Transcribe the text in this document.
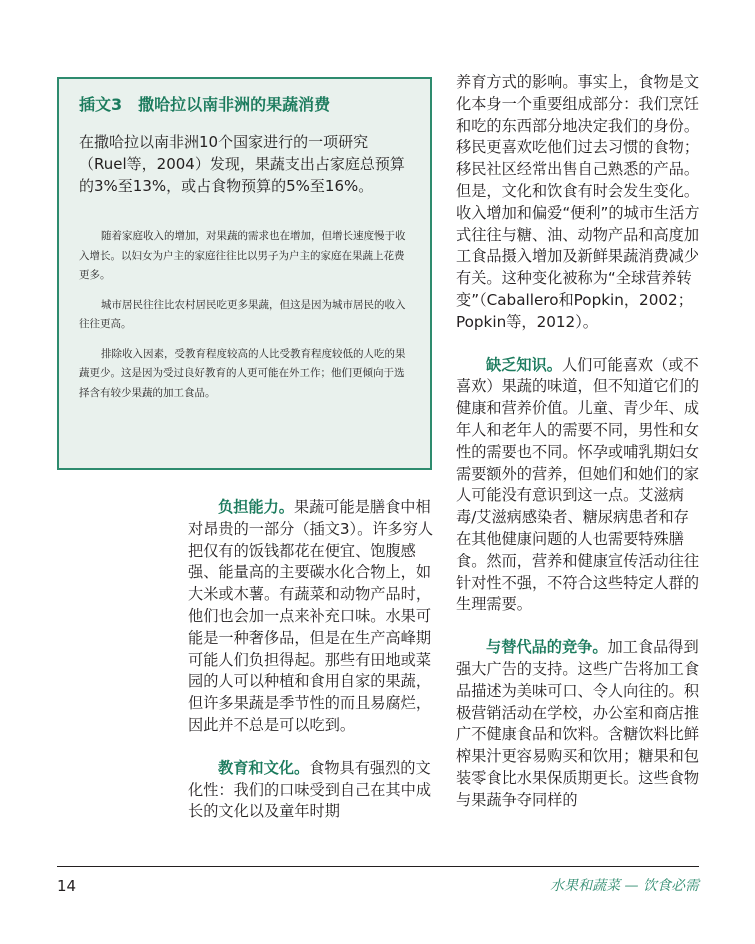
插文3　撒哈拉以南非洲的果蔬消费

在撒哈拉以南非洲10个国家进行的一项研究（Ruel等，2004）发现，果蔬支出占家庭总预算的3%至13%，或占食物预算的5%至16%。

随着家庭收入的增加，对果蔬的需求也在增加，但增长速度慢于收入增长。以妇女为户主的家庭往往比以男子为户主的家庭在果蔬上花费更多。

城市居民往往比农村居民吃更多果蔬，但这是因为城市居民的收入往往更高。

排除收入因素，受教育程度较高的人比受教育程度较低的人吃的果蔬更少。这是因为受过良好教育的人更可能在外工作；他们更倾向于选择含有较少果蔬的加工食品。

负担能力。果蔬可能是膳食中相对昂贵的一部分（插文3）。许多穷人把仅有的饭钱都花在便宜、饱腹感强、能量高的主要碳水化合物上，如大米或木薯。有蔬菜和动物产品时，他们也会加一点来补充口味。水果可能是一种奢侈品，但是在生产高峰期可能人们负担得起。那些有田地或菜园的人可以种植和食用自家的果蔬，但许多果蔬是季节性的而且易腐烂，因此并不总是可以吃到。

教育和文化。食物具有强烈的文化性：我们的口味受到自己在其中成长的文化以及童年时期

养育方式的影响。事实上，食物是文化本身一个重要组成部分：我们烹饪和吃的东西部分地决定我们的身份。移民更喜欢吃他们过去习惯的食物；移民社区经常出售自己熟悉的产品。但是，文化和饮食有时会发生变化。收入增加和偏爱“便利”的城市生活方式往往与糖、油、动物产品和高度加工食品摄入增加及新鲜果蔬消费减少有关。这种变化被称为“全球营养转变”（Caballero和Popkin，2002；Popkin等，2012）。

缺乏知识。人们可能喜欢（或不喜欢）果蔬的味道，但不知道它们的健康和营养价值。儿童、青少年、成年人和老年人的需要不同，男性和女性的需要也不同。怀孕或哺乳期妇女需要额外的营养，但她们和她们的家人可能没有意识到这一点。艾滋病毒/艾滋病感染者、糖尿病患者和存在其他健康问题的人也需要特殊膳食。然而，营养和健康宣传活动往往针对性不强，不符合这些特定人群的生理需要。

与替代品的竞争。加工食品得到强大广告的支持。这些广告将加工食品描述为美味可口、令人向往的。积极营销活动在学校，办公室和商店推广不健康食品和饮料。含糖饮料比鲜榨果汁更容易购买和饮用；糖果和包装零食比水果保质期更长。这些食物与果蔬争夺同样的

14	水果和蔬菜 — 饮食必需
